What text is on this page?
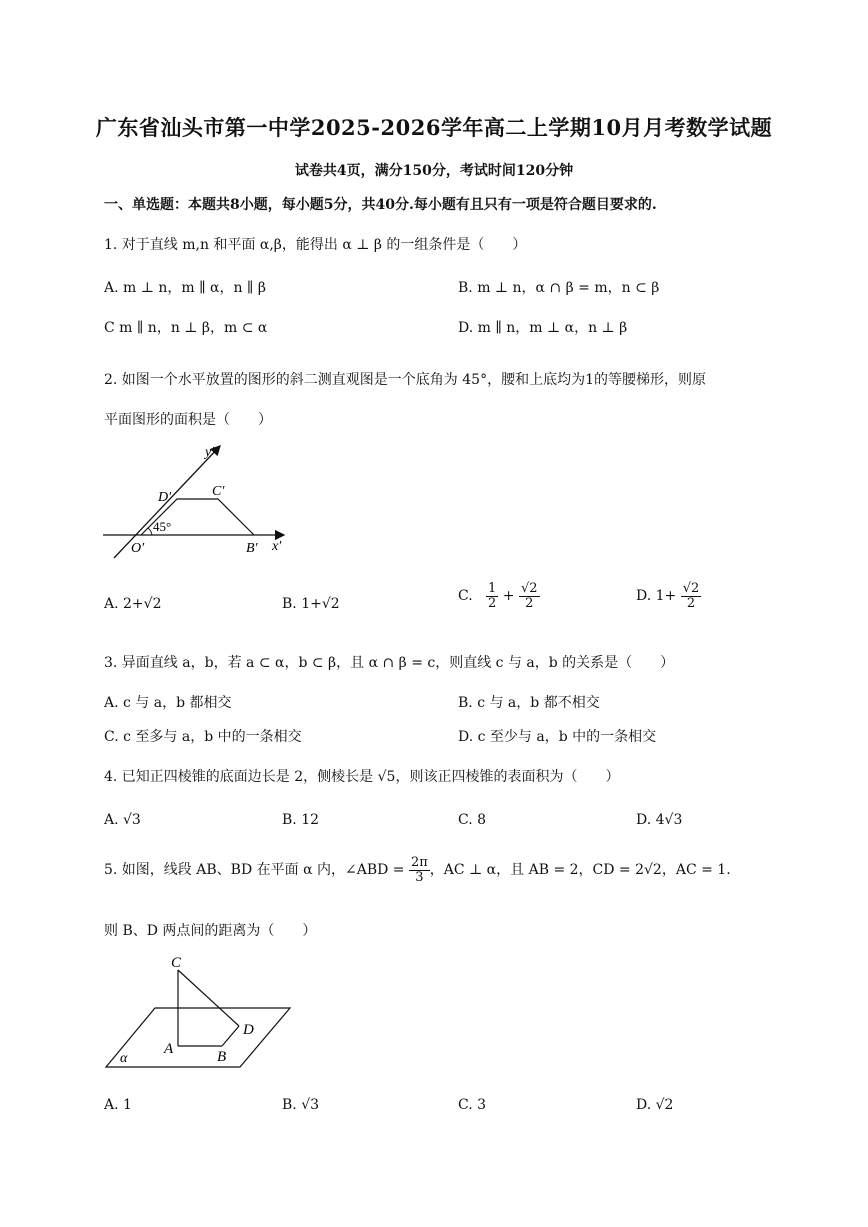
广东省汕头市第一中学2025-2026学年高二上学期10月月考数学试题
试卷共4页，满分150分，考试时间120分钟
一、单选题：本题共8小题，每小题5分，共40分.每小题有且只有一项是符合题目要求的.
1. 对于直线 m,n 和平面 α,β，能得出 α ⊥ β 的一组条件是（　　）
A. m ⊥ n，m ∥ α，n ∥ β	B. m ⊥ n，α ∩ β = m，n ⊂ β
C m ∥ n，n ⊥ β，m ⊂ α	D. m ∥ n，m ⊥ α，n ⊥ β
2. 如图一个水平放置的图形的斜二测直观图是一个底角为 45°，腰和上底均为1的等腰梯形，则原
平面图形的面积是（　　）
y′
x′
O′	B′
C′
D′
45°
A. 2+√2	B. 1+√2	C. $\frac{1}{2} + \frac{√2}{2}$	D. $1+ \frac{√2}{2}$
3. 异面直线 a，b，若 a ⊂ α，b ⊂ β，且 α ∩ β = c，则直线 c 与 a，b 的关系是（　　）
A. c 与 a，b 都相交	B. c 与 a，b 都不相交
C. c 至多与 a，b 中的一条相交	D. c 至少与 a，b 中的一条相交
4. 已知正四棱锥的底面边长是 2，侧棱长是 √5，则该正四棱锥的表面积为（　　）
A. √3	B. 12	C. 8	D. 4√3
5. 如图，线段 AB、BD 在平面 α 内，∠ABD = $\frac{2\pi}{3}$ ，AC ⊥ α，且 AB = 2，CD = 2√2，AC = 1.
则 B、D 两点间的距离为（　　）
C
D
A	B
α
A. 1	B. √3	C. 3	D. √2
